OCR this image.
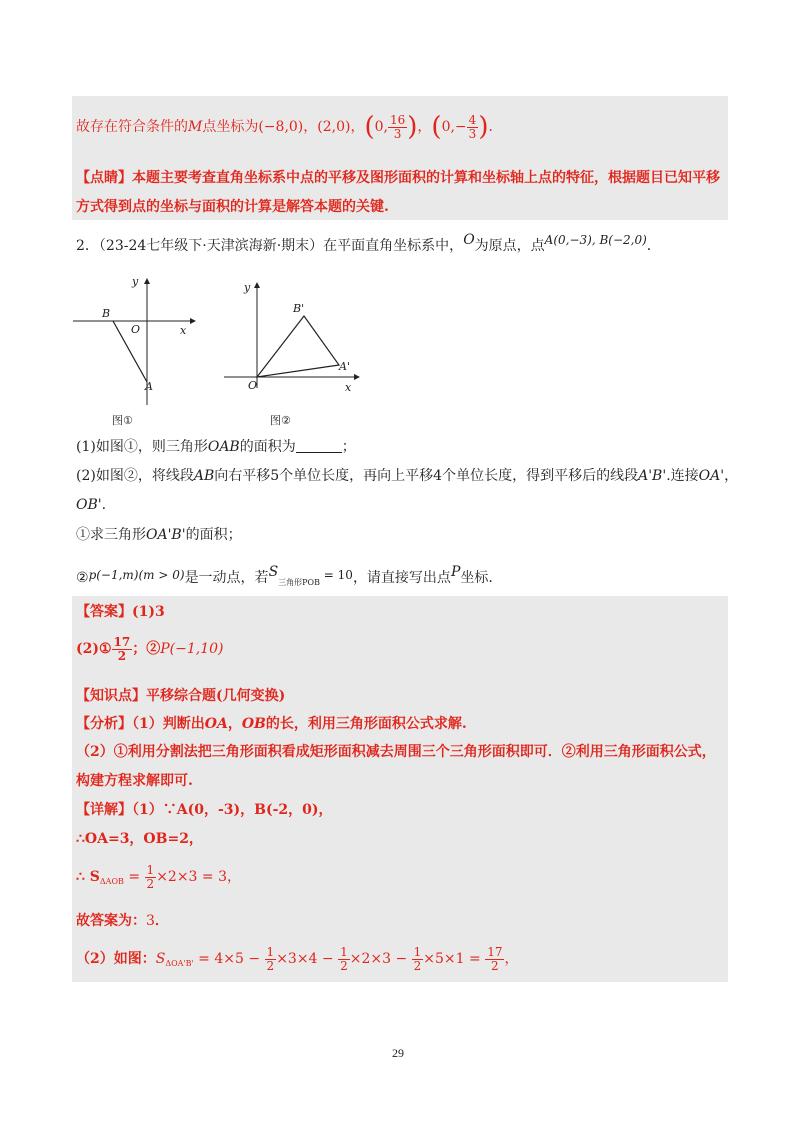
故存在符合条件的M点坐标为(−8,0)，(2,0)，(0, $\frac{16}{3}$ )，($0,- \frac{4}{3}$ )．
【点睛】本题主要考查直角坐标系中点的平移及图形面积的计算和坐标轴上点的特征，根据题目已知平移
方式得到点的坐标与面积的计算是解答本题的关键.
2．（23-24七年级下·天津滨海新·期末）在平面直角坐标系中，O为原点，点A(0,−3), B(−2,0)．
y
x
B
O
A
图①
y
x
B'
A'
O
图②
(1)如图①，则三角形OAB的面积为	；
(2)如图②，将线段AB向右平移5个单位长度，再向上平移4个单位长度，得到平移后的线段A'B'.连接OA'，
OB'.
①求三角形OA'B'的面积；
②p(−1,m)(m > 0)是一动点，若$S_{三角形POB} = 10$，请直接写出点P坐标.
【答案】(1)3
(2)① $\frac{17}{2}$ ；②P(−1,10)
【知识点】平移综合题(几何变换)
【分析】（1）判断出OA，OB的长，利用三角形面积公式求解.
（2）①利用分割法把三角形面积看成矩形面积减去周围三个三角形面积即可．②利用三角形面积公式，
构建方程求解即可.
【详解】（1）∵A(0，-3)，B(-2，0)，
∴OA=3，OB=2，
∴ $S_{\Delta AOB} = \frac{1}{2} \times 2\times 3 = 3$，
故答案为：3．
（2）如图：$S_{\Delta OA'B'} = 4\times 5 - \frac{1}{2} \times 3\times 4 - \frac{1}{2} \times 2\times 3 - \frac{1}{2} \times 5\times 1 = \frac{17}{2}$ ，
29
